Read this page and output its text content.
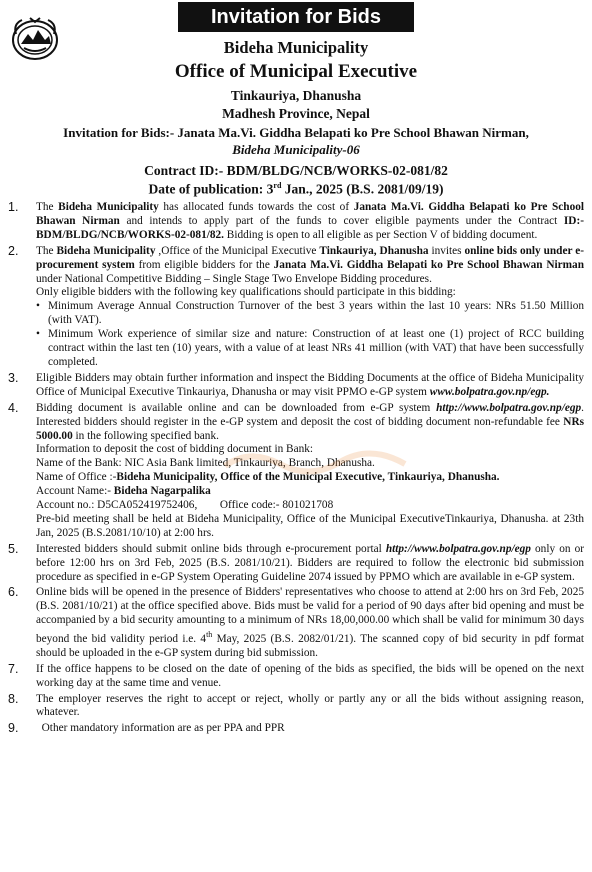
Invitation for Bids
Bideha Municipality
Office of Municipal Executive
Tinkauriya, Dhanusha
Madhesh Province, Nepal
Invitation for Bids:- Janata Ma.Vi. Giddha Belapati ko Pre School Bhawan Nirman,
Bideha Municipality-06
Contract ID:- BDM/BLDG/NCB/WORKS-02-081/82
Date of publication: 3rd Jan., 2025 (B.S. 2081/09/19)
1.	The Bideha Municipality has allocated funds towards the cost of Janata Ma.Vi. Giddha Belapati ko Pre School Bhawan Nirman and intends to apply part of the funds to cover eligible payments under the Contract ID:- BDM/BLDG/NCB/WORKS-02-081/82. Bidding is open to all eligible as per Section V of bidding document.
2.	The Bideha Municipality ,Office of the Municipal Executive Tinkauriya, Dhanusha invites online bids only under e-procurement system from eligible bidders for the Janata Ma.Vi. Giddha Belapati ko Pre School Bhawan Nirman under National Competitive Bidding – Single Stage Two Envelope Bidding procedures.

Only eligible bidders with the following key qualifications should participate in this bidding:

• Minimum Average Annual Construction Turnover of the best 3 years within the last 10 years: NRs 51.50 Million (with VAT).
• Minimum Work experience of similar size and nature: Construction of at least one (1) project of RCC building contract within the last ten (10) years, with a value of at least NRs 41 million (with VAT) that have been successfully completed.
3.	Eligible Bidders may obtain further information and inspect the Bidding Documents at the office of Bideha Municipality Office of Municipal Executive Tinkauriya, Dhanusha or may visit PPMO e-GP system www.bolpatra.gov.np/egp.
4.	Bidding document is available online and can be downloaded from e-GP system http://www.bolpatra.gov.np/egp. Interested bidders should register in the e-GP system and deposit the cost of bidding document non-refundable fee NRs 5000.00 in the following specified bank.

Information to deposit the cost of bidding document in Bank:

Name of the Bank: NIC Asia Bank limited, Tinkauriya, Branch, Dhanusha.

Name of Office :-Bideha Municipality, Office of the Municipal Executive, Tinkauriya, Dhanusha.

Account Name:- Bideha Nagarpalika

Account no.: D5CA052419752406,        Office code:- 801021708

Pre-bid meeting shall be held at Bideha Municipality, Office of the Municipal ExecutiveTinkauriya, Dhanusha. at 23th Jan, 2025 (B.S.2081/10/10) at 2:00 hrs.

5.	Interested bidders should submit online bids through e-procurement portal http://www.bolpatra.gov.np/egp only on or before 12:00 hrs on 3rd Feb, 2025 (B.S. 2081/10/21). Bidders are required to follow the electronic bid submission procedure as specified in e-GP System Operating Guideline 2074 issued by PPMO which are available in e-GP system.
6.	Online bids will be opened in the presence of Bidders' representatives who choose to attend at 2:00 hrs on 3rd Feb, 2025 (B.S. 2081/10/21) at the office specified above. Bids must be valid for a period of 90 days after bid opening and must be accompanied by a bid security amounting to a minimum of NRs 18,00,000.00 which shall be valid for minimum 30 days beyond the bid validity period i.e. 4th May, 2025 (B.S. 2082/01/21). The scanned copy of bid security in pdf format should be uploaded in the e-GP system during bid submission.
7.	If the office happens to be closed on the date of opening of the bids as specified, the bids will be opened on the next working day at the same time and venue.
8.	The employer reserves the right to accept or reject, wholly or partly any or all the bids without assigning reason, whatever.
9.	Other mandatory information are as per PPA and PPR
